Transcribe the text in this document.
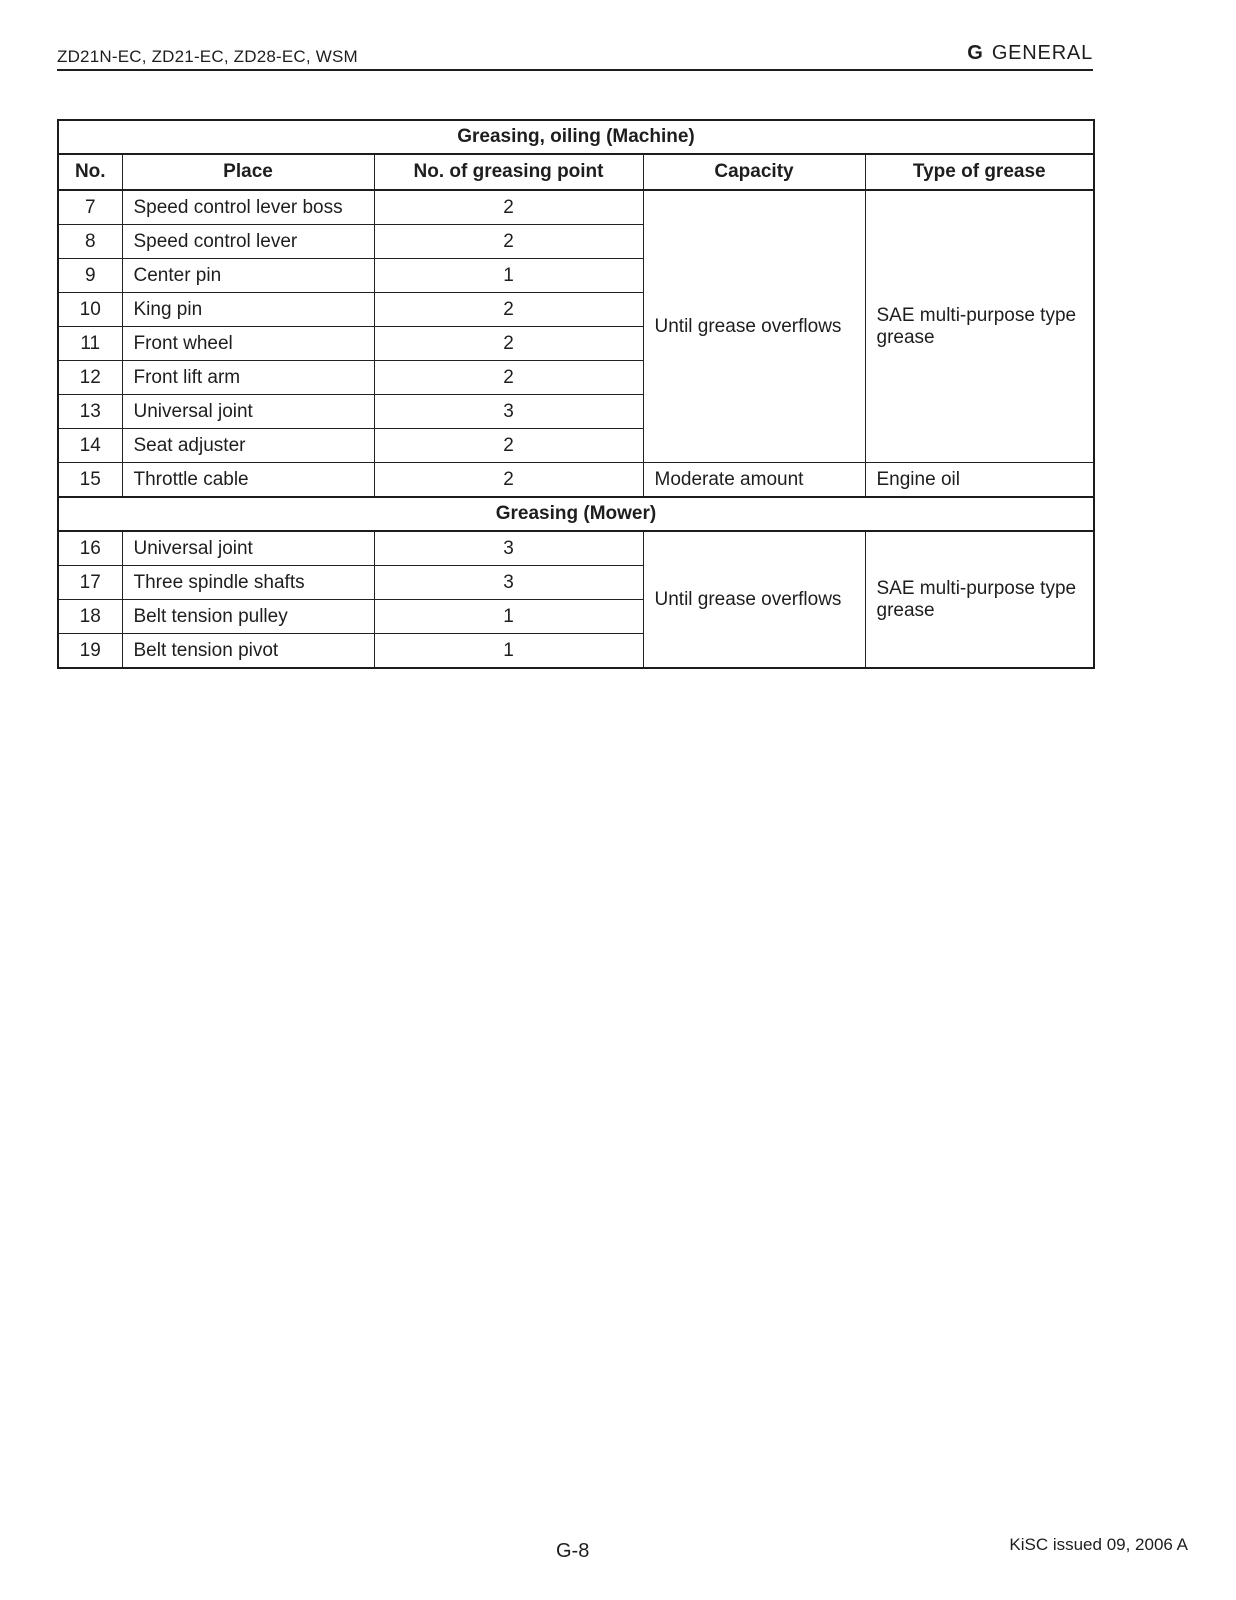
ZD21N-EC, ZD21-EC, ZD28-EC, WSM	G GENERAL
Greasing, oiling (Machine)				
No.	Place	No. of greasing point	Capacity	Type of grease
7	Speed control lever boss	2	Until grease overflows	SAE multi-purpose type grease
8	Speed control lever	2		
9	Center pin	1		
10	King pin	2		
11	Front wheel	2		
12	Front lift arm	2		
13	Universal joint	3		
14	Seat adjuster	2		
15	Throttle cable	2	Moderate amount	Engine oil
Greasing (Mower)				
16	Universal joint	3	Until grease overflows	SAE multi-purpose type grease
17	Three spindle shafts	3		
18	Belt tension pulley	1		
19	Belt tension pivot	1		
G-8	KiSC issued 09, 2006 A
